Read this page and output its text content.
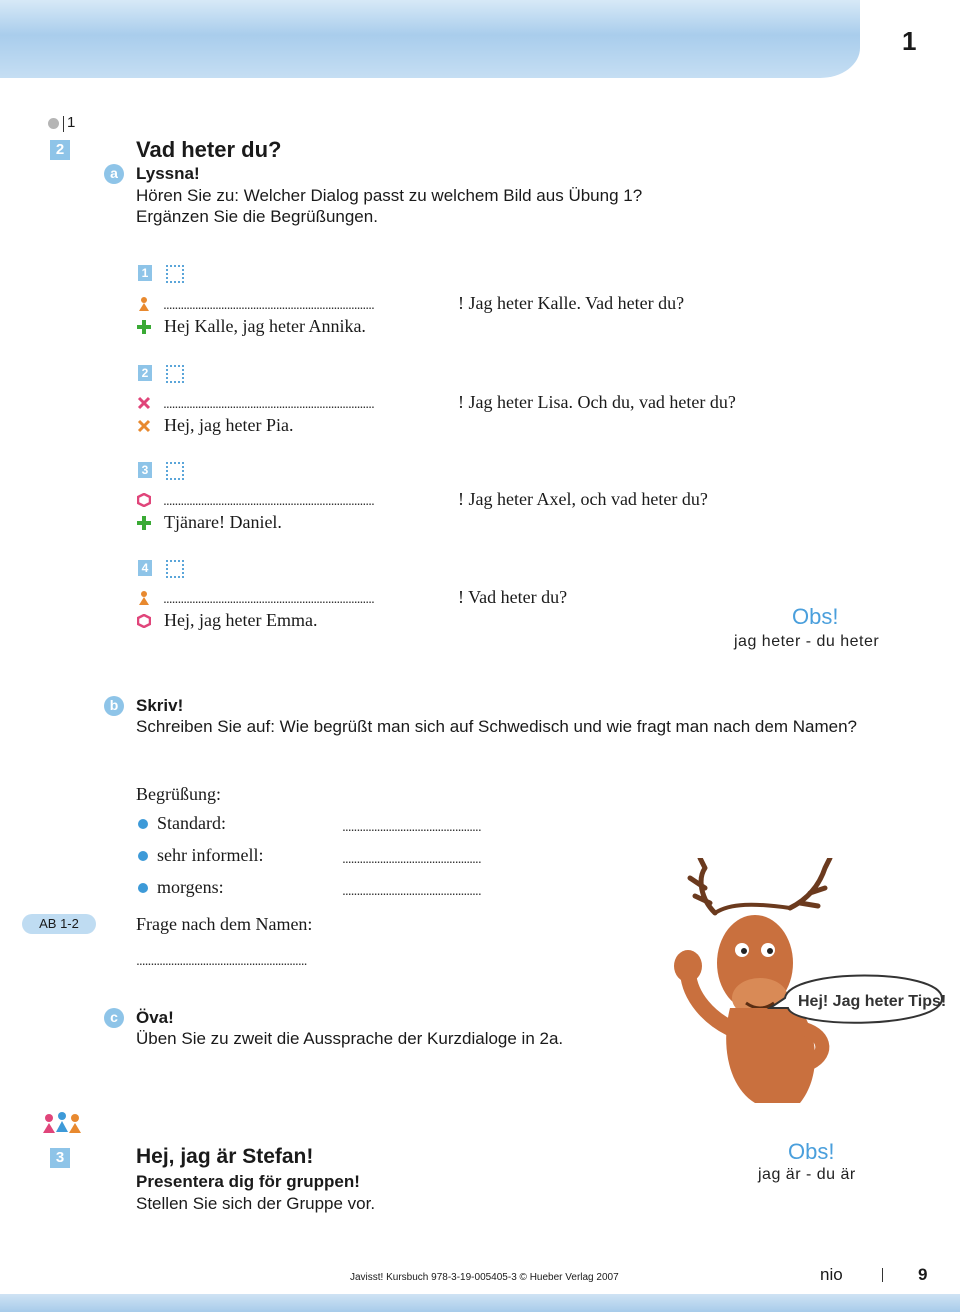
1
1
2	Vad heter du?
a	Lyssna!
Hören Sie zu: Welcher Dialog passt zu welchem Bild aus Übung 1?
Ergänzen Sie die Begrüßungen.
1
.........................................................................	! Jag heter Kalle. Vad heter du?
Hej Kalle, jag heter Annika.
2
.........................................................................	! Jag heter Lisa. Och du, vad heter du?
Hej, jag heter Pia.
3
.........................................................................	! Jag heter Axel, och vad heter du?
Tjänare! Daniel.
4
.........................................................................	! Vad heter du?
Hej, jag heter Emma.	Obs!
jag heter - du heter
b	Skriv!
Schreiben Sie auf: Wie begrüßt man sich auf Schwedisch und wie fragt man nach dem Namen?
Begrüßung:
Standard:	................................................
sehr informell:	................................................
morgens:	................................................
AB 1-2	Frage nach dem Namen:
...........................................................
Hej! Jag heter Tips!
c	Öva!
Üben Sie zu zweit die Aussprache der Kurzdialoge in 2a.
3	Hej, jag är Stefan!
Presentera dig för gruppen!
Stellen Sie sich der Gruppe vor.
Obs!
jag är - du är
Javisst! Kursbuch 978-3-19-005405-3 © Hueber Verlag 2007	nio	9
